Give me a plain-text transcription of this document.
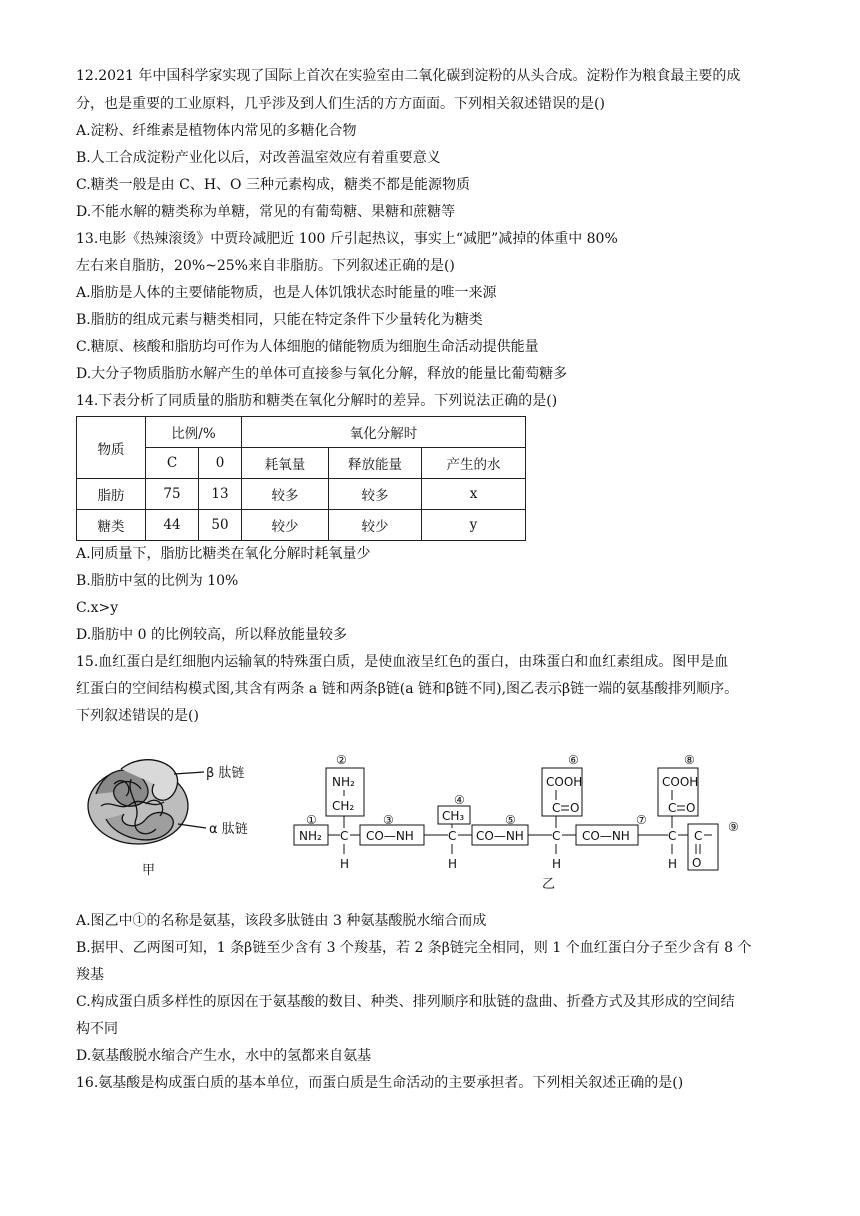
12.2021 年中国科学家实现了国际上首次在实验室由二氧化碳到淀粉的从头合成。淀粉作为粮食最主要的成
分，也是重要的工业原料，几乎涉及到人们生活的方方面面。下列相关叙述错误的是()
A.淀粉、纤维素是植物体内常见的多糖化合物
B.人工合成淀粉产业化以后，对改善温室效应有着重要意义
C.糖类一般是由 C、H、O 三种元素构成，糖类不都是能源物质
D.不能水解的糖类称为单糖，常见的有葡萄糖、果糖和蔗糖等
13.电影《热辣滚烫》中贾玲减肥近 100 斤引起热议，事实上“减肥”减掉的体重中 80%
左右来自脂肪，20%~25%来自非脂肪。下列叙述正确的是()
A.脂肪是人体的主要储能物质，也是人体饥饿状态时能量的唯一来源
B.脂肪的组成元素与糖类相同，只能在特定条件下少量转化为糖类
C.糖原、核酸和脂肪均可作为人体细胞的储能物质为细胞生命活动提供能量
D.大分子物质脂肪水解产生的单体可直接参与氧化分解，释放的能量比葡萄糖多
14.下表分析了同质量的脂肪和糖类在氧化分解时的差异。下列说法正确的是()
物质	比例/%		氧化分解时		
	C	0	耗氧量	释放能量	产生的水
脂肪	75	13	较多	较多	x
糖类	44	50	较少	较少	y
A.同质量下，脂肪比糖类在氧化分解时耗氧量少
B.脂肪中氢的比例为 10%
C.x>y
D.脂肪中 0 的比例较高，所以释放能量较多
15.血红蛋白是红细胞内运输氧的特殊蛋白质，是使血液呈红色的蛋白，由珠蛋白和血红素组成。图甲是血
红蛋白的空间结构模式图,其含有两条 a 链和两条β链(a 链和β链不同),图乙表示β链一端的氨基酸排列顺序。
下列叙述错误的是()
β 肽链
α 肽链
甲
①
②
③
④
⑤
⑥
⑦
⑧
⑨
NH₂ C
H
NH₂
CH₂
CO—NH	C
H
CH₃
CO—NH C
H
COOH
C O
CO—NH	C
H
COOH
C O
C
O
乙
A.图乙中①的名称是氨基，该段多肽链由 3 种氨基酸脱水缩合而成
B.据甲、乙两图可知，1 条β链至少含有 3 个羧基，若 2 条β链完全相同，则 1 个血红蛋白分子至少含有 8 个
羧基
C.构成蛋白质多样性的原因在于氨基酸的数目、种类、排列顺序和肽链的盘曲、折叠方式及其形成的空间结
构不同
D.氨基酸脱水缩合产生水，水中的氢都来自氨基
16.氨基酸是构成蛋白质的基本单位，而蛋白质是生命活动的主要承担者。下列相关叙述正确的是()
